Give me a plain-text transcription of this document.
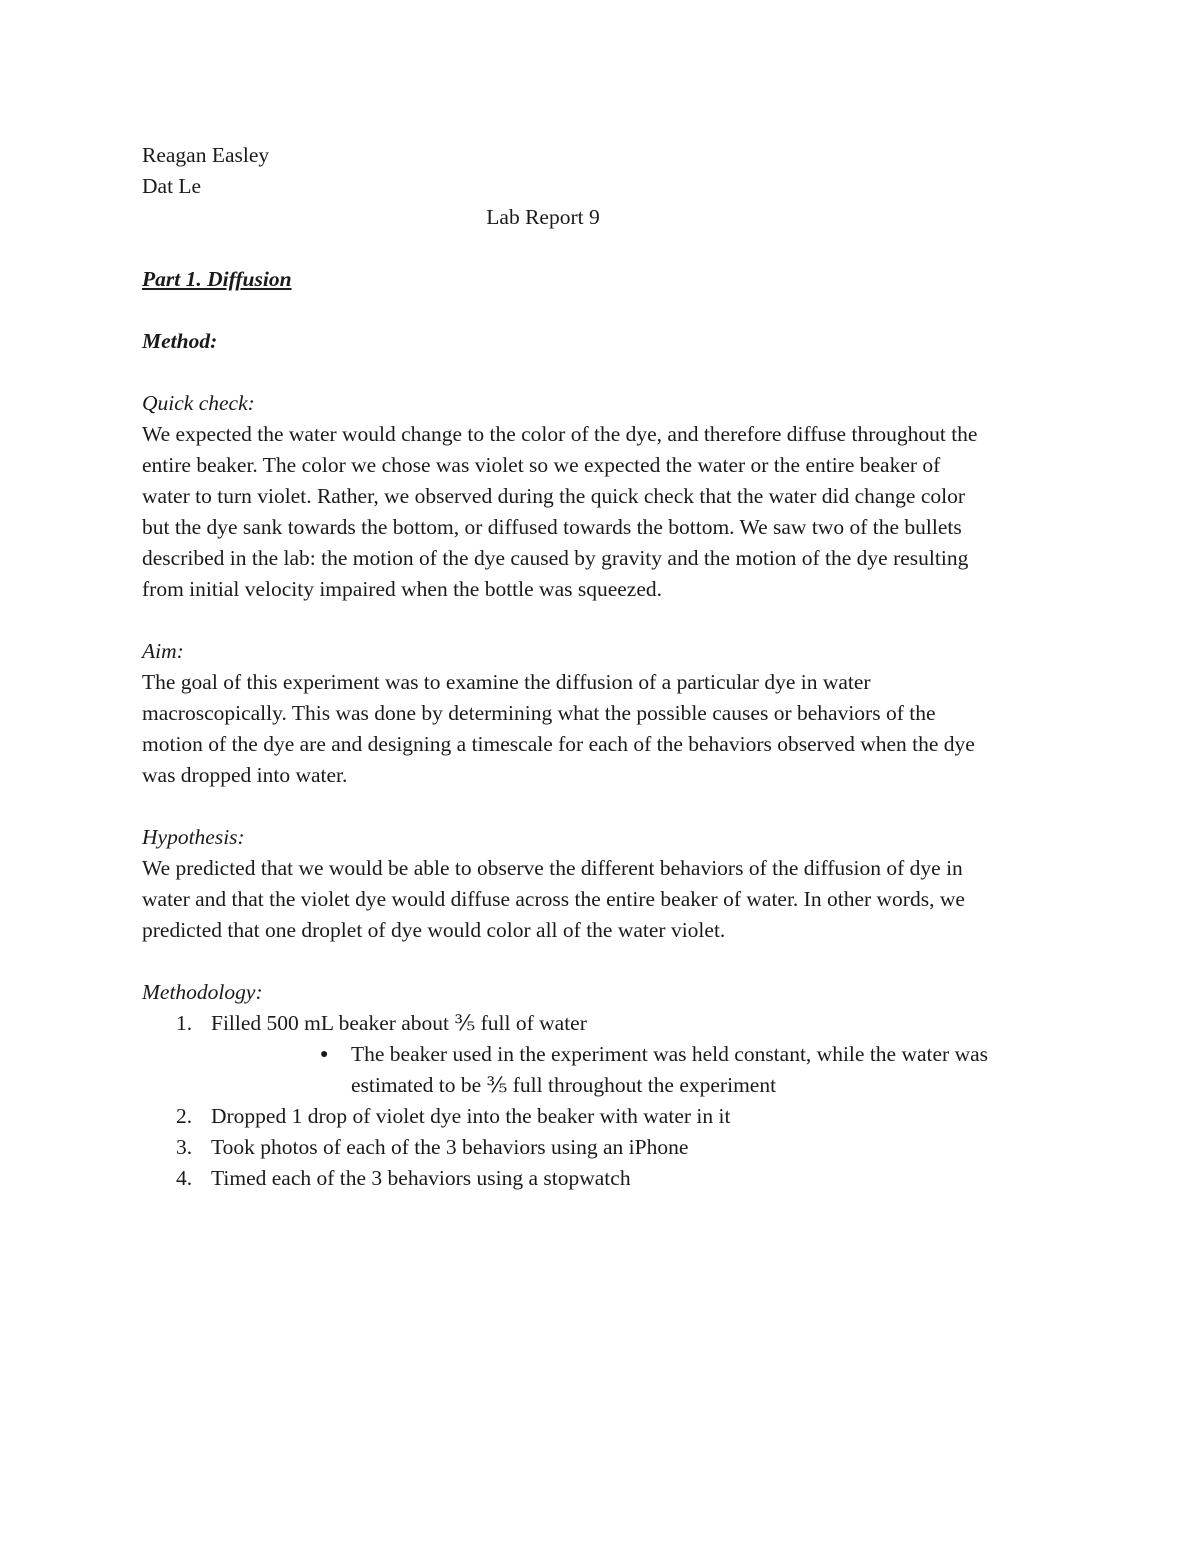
Reagan Easley

Dat Le

Lab Report 9

Part 1. Diffusion

Method:

Quick check:

We expected the water would change to the color of the dye, and therefore diffuse throughout the
entire beaker. The color we chose was violet so we expected the water or the entire beaker of
water to turn violet. Rather, we observed during the quick check that the water did change color
but the dye sank towards the bottom, or diffused towards the bottom. We saw two of the bullets
described in the lab: the motion of the dye caused by gravity and the motion of the dye resulting
from initial velocity impaired when the bottle was squeezed.

Aim:

The goal of this experiment was to examine the diffusion of a particular dye in water
macroscopically. This was done by determining what the possible causes or behaviors of the
motion of the dye are and designing a timescale for each of the behaviors observed when the dye
was dropped into water.

Hypothesis:

We predicted that we would be able to observe the different behaviors of the diffusion of dye in
water and that the violet dye would diffuse across the entire beaker of water. In other words, we
predicted that one droplet of dye would color all of the water violet.

Methodology:

1. Filled 500 mL beaker about ⅗ full of water
● The beaker used in the experiment was held constant, while the water was
estimated to be ⅗ full throughout the experiment
2. Dropped 1 drop of violet dye into the beaker with water in it
3. Took photos of each of the 3 behaviors using an iPhone
4. Timed each of the 3 behaviors using a stopwatch
